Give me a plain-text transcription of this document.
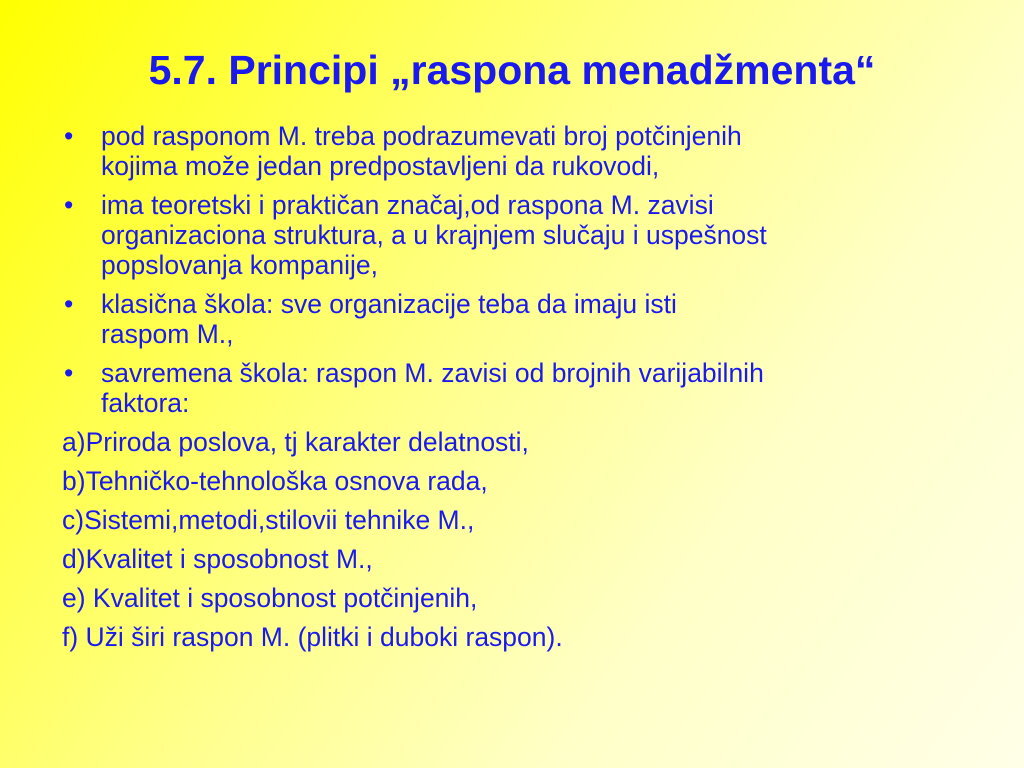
5.7. Principi „raspona menadžmenta“
• pod rasponom M. treba podrazumevati broj potčinjenih
kojima može jedan predpostavljeni da rukovodi,
• ima teoretski i praktičan značaj,od raspona M. zavisi
organizaciona struktura, a u krajnjem slučaju i uspešnost
popslovanja kompanije,
• klasična škola: sve organizacije teba da imaju isti
raspom M.,
• savremena škola: raspon M. zavisi od brojnih varijabilnih
faktora:
a)Priroda poslova, tj karakter delatnosti,
b)Tehničko-tehnološka osnova rada,
c)Sistemi,metodi,stilovii tehnike M.,
d)Kvalitet i sposobnost M.,
e) Kvalitet i sposobnost potčinjenih,
f) Uži širi raspon M. (plitki i duboki raspon).
